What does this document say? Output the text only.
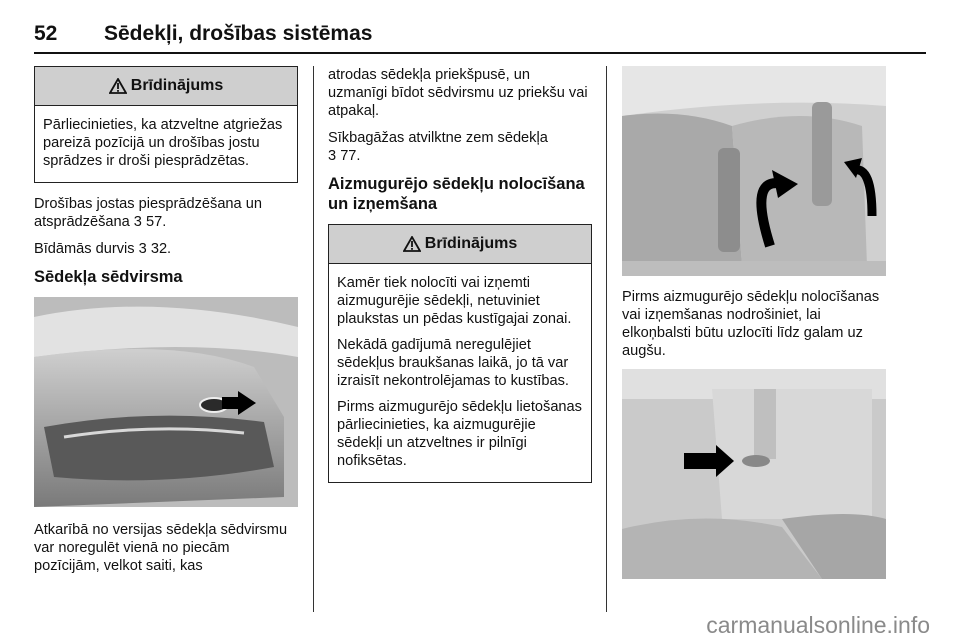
52 Sēdekļi, drošības sistēmas
Brīdinājums

Pārliecinieties, ka atzveltne atgriežas pareizā pozīcijā un drošības jostu sprādzes ir droši piesprādzētas.

Drošības jostas piesprādzēšana un atsprādzēšana 3 57.

Bīdāmās durvis 3 32.

Sēdekļa sēdvirsma

Atkarībā no versijas sēdekļa sēdvirsmu var noregulēt vienā no piecām pozīcijām, velkot saiti, kas

atrodas sēdekļa priekšpusē, un uzmanīgi bīdot sēdvirsmu uz priekšu vai atpakaļ.

Sīkbagāžas atvilktne zem sēdekļa
3 77.

Aizmugurējo sēdekļu nolocīšana un izņemšana
Brīdinājums

Kamēr tiek nolocīti vai izņemti aizmugurējie sēdekļi, netuviniet plaukstas un pēdas kustīgajai zonai.

Nekādā gadījumā neregulējiet sēdekļus braukšanas laikā, jo tā var izraisīt nekontrolējamas to kustības.

Pirms aizmugurējo sēdekļu lietošanas pārliecinieties, ka aizmugurējie sēdekļi un atzveltnes ir pilnīgi nofiksētas.

Pirms aizmugurējo sēdekļu nolocīšanas vai izņemšanas nodrošiniet, lai elkoņbalsti būtu uzlocīti līdz galam uz augšu.

carmanualsonline.info
